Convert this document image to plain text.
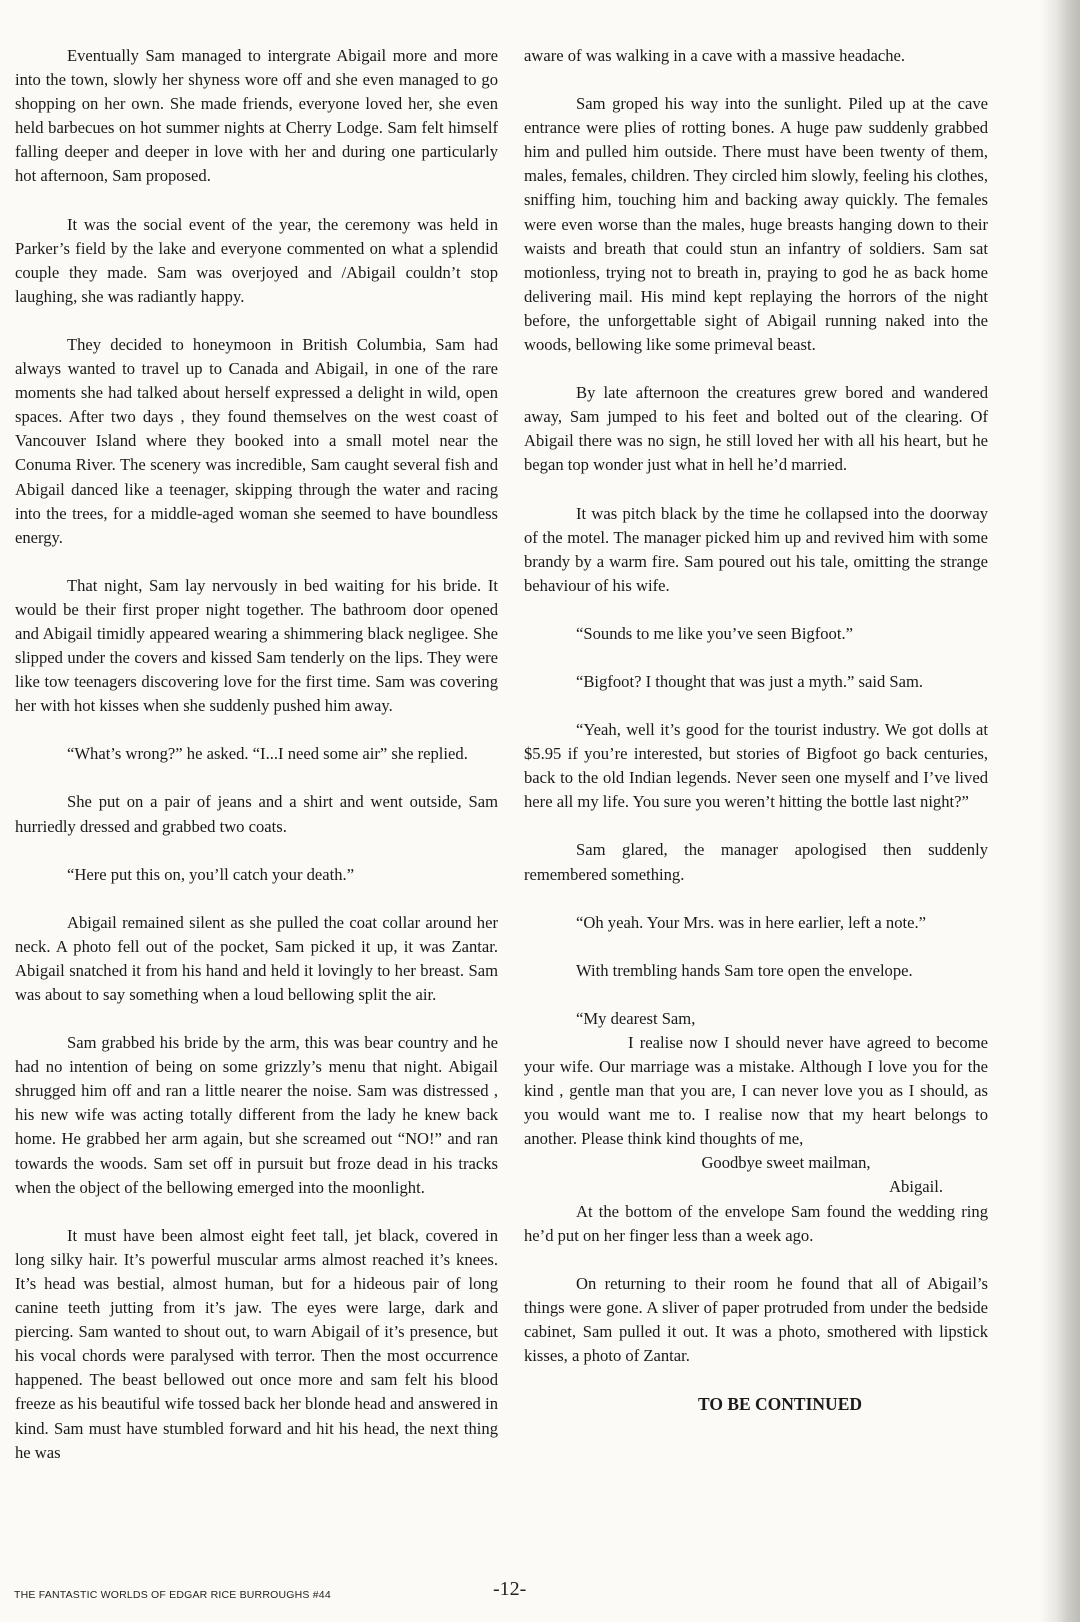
Eventually Sam managed to intergrate Abigail more and more into the town, slowly her shyness wore off and she even managed to go shopping on her own. She made friends, everyone loved her, she even held barbecues on hot summer nights at Cherry Lodge. Sam felt himself falling deeper and deeper in love with her and during one particularly hot afternoon, Sam proposed.

It was the social event of the year, the ceremony was held in Parker’s field by the lake and everyone commented on what a splendid couple they made. Sam was overjoyed and /Abigail couldn’t stop laughing, she was radiantly happy.

They decided to honeymoon in British Columbia, Sam had always wanted to travel up to Canada and Abigail, in one of the rare moments she had talked about herself expressed a delight in wild, open spaces. After two days , they found themselves on the west coast of Vancouver Island where they booked into a small motel near the Conuma River. The scenery was incredible, Sam caught several fish and Abigail danced like a teenager, skipping through the water and racing into the trees, for a middle-aged woman she seemed to have boundless energy.

That night, Sam lay nervously in bed waiting for his bride. It would be their first proper night together. The bathroom door opened and Abigail timidly appeared wearing a shimmering black negligee. She slipped under the covers and kissed Sam tenderly on the lips. They were like tow teenagers discovering love for the first time. Sam was covering her with hot kisses when she suddenly pushed him away.

“What’s wrong?” he asked. “I...I need some air” she replied.

She put on a pair of jeans and a shirt and went outside, Sam hurriedly dressed and grabbed two coats.

“Here put this on, you’ll catch your death.”

Abigail remained silent as she pulled the coat collar around her neck. A photo fell out of the pocket, Sam picked it up, it was Zantar. Abigail snatched it from his hand and held it lovingly to her breast. Sam was about to say something when a loud bellowing split the air.

Sam grabbed his bride by the arm, this was bear country and he had no intention of being on some grizzly’s menu that night. Abigail shrugged him off and ran a little nearer the noise. Sam was distressed , his new wife was acting totally different from the lady he knew back home. He grabbed her arm again, but she screamed out “NO!” and ran towards the woods. Sam set off in pursuit but froze dead in his tracks when the object of the bellowing emerged into the moonlight.

It must have been almost eight feet tall, jet black, covered in long silky hair. It’s powerful muscular arms almost reached it’s knees. It’s head was bestial, almost human, but for a hideous pair of long canine teeth jutting from it’s jaw. The eyes were large, dark and piercing. Sam wanted to shout out, to warn Abigail of it’s presence, but his vocal chords were paralysed with terror. Then the most occurrence happened. The beast bellowed out once more and sam felt his blood freeze as his beautiful wife tossed back her blonde head and answered in kind. Sam must have stumbled forward and hit his head, the next thing he was

aware of was walking in a cave with a massive headache.

Sam groped his way into the sunlight. Piled up at the cave entrance were plies of rotting bones. A huge paw suddenly grabbed him and pulled him outside. There must have been twenty of them, males, females, children. They circled him slowly, feeling his clothes, sniffing him, touching him and backing away quickly. The females were even worse than the males, huge breasts hanging down to their waists and breath that could stun an infantry of soldiers. Sam sat motionless, trying not to breath in, praying to god he as back home delivering mail. His mind kept replaying the horrors of the night before, the unforgettable sight of Abigail running naked into the woods, bellowing like some primeval beast.

By late afternoon the creatures grew bored and wandered away, Sam jumped to his feet and bolted out of the clearing. Of Abigail there was no sign, he still loved her with all his heart, but he began top wonder just what in hell he’d married.

It was pitch black by the time he collapsed into the doorway of the motel. The manager picked him up and revived him with some brandy by a warm fire. Sam poured out his tale, omitting the strange behaviour of his wife.

“Sounds to me like you’ve seen Bigfoot.”

“Bigfoot? I thought that was just a myth.” said Sam.

“Yeah, well it’s good for the tourist industry. We got dolls at $5.95 if you’re interested, but stories of Bigfoot go back centuries, back to the old Indian legends. Never seen one myself and I’ve lived here all my life. You sure you weren’t hitting the bottle last night?”

Sam glared, the manager apologised then suddenly remembered something.

“Oh yeah. Your Mrs. was in here earlier, left a note.”

With trembling hands Sam tore open the envelope.

“My dearest Sam,

I realise now I should never have agreed to become your wife. Our marriage was a mistake. Although I love you for the kind , gentle man that you are, I can never love you as I should, as you would want me to. I realise now that my heart belongs to another. Please think kind thoughts of me,

Goodbye sweet mailman,

Abigail.

At the bottom of the envelope Sam found the wedding ring he’d put on her finger less than a week ago.

On returning to their room he found that all of Abigail’s things were gone. A sliver of paper protruded from under the bedside cabinet, Sam pulled it out. It was a photo, smothered with lipstick kisses, a photo of Zantar.

TO BE CONTINUED

THE FANTASTIC WORLDS OF EDGAR RICE BURROUGHS #44	-12-
